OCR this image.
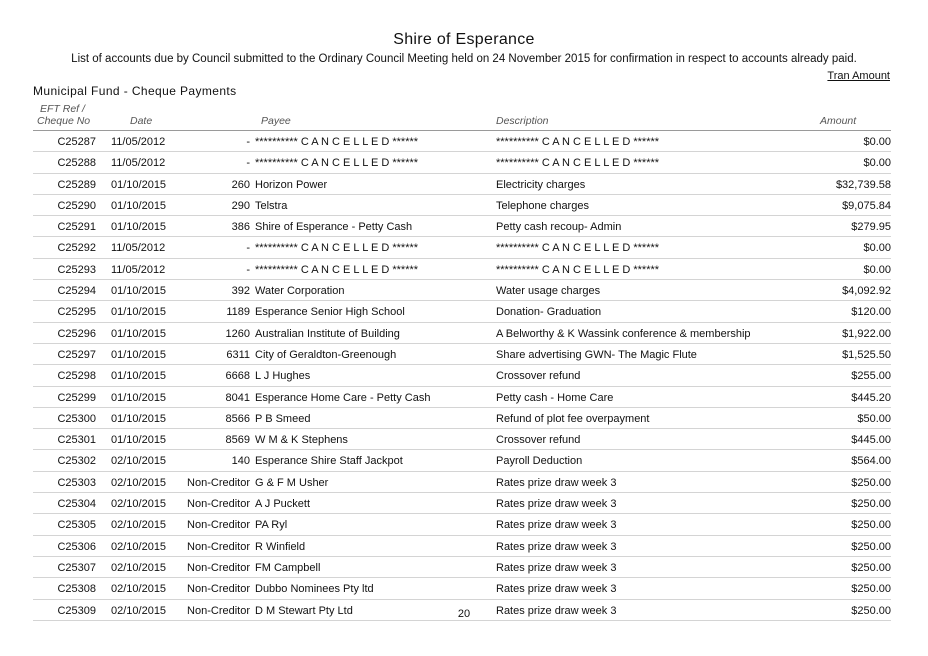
Shire of Esperance
List of accounts due by Council submitted to the Ordinary Council Meeting held on 24 November 2015 for confirmation in respect to accounts already paid.
Tran Amount
Municipal Fund - Cheque Payments
EFT Ref /
Cheque No	Date	Payee	Description	Amount
C25287 11/05/2012	- ********** C A N C E L L E D ******	********** C A N C E L L E D ******	$0.00
C25288 11/05/2012	- ********** C A N C E L L E D ******	********** C A N C E L L E D ******	$0.00
C25289 01/10/2015	260 Horizon Power	Electricity charges	$32,739.58
C25290 01/10/2015	290 Telstra	Telephone charges	$9,075.84
C25291 01/10/2015	386 Shire of Esperance - Petty Cash	Petty cash recoup- Admin	$279.95
C25292 11/05/2012	- ********** C A N C E L L E D ******	********** C A N C E L L E D ******	$0.00
C25293 11/05/2012	- ********** C A N C E L L E D ******	********** C A N C E L L E D ******	$0.00
C25294 01/10/2015	392 Water Corporation	Water usage charges	$4,092.92
C25295 01/10/2015	1189 Esperance Senior High School	Donation- Graduation	$120.00
C25296 01/10/2015	1260 Australian Institute of Building	A Belworthy & K Wassink conference & membership	$1,922.00
C25297 01/10/2015	6311 City of Geraldton-Greenough	Share advertising GWN- The Magic Flute	$1,525.50
C25298 01/10/2015	6668 L J Hughes	Crossover refund	$255.00
C25299 01/10/2015	8041 Esperance Home Care - Petty Cash	Petty cash - Home Care	$445.20
C25300 01/10/2015	8566 P B Smeed	Refund of plot fee overpayment	$50.00
C25301 01/10/2015	8569 W M & K Stephens	Crossover refund	$445.00
C25302 02/10/2015	140 Esperance Shire Staff Jackpot	Payroll Deduction	$564.00
C25303 02/10/2015	Non-Creditor G & F M Usher	Rates prize draw week 3	$250.00
C25304 02/10/2015	Non-Creditor A J Puckett	Rates prize draw week 3	$250.00
C25305 02/10/2015	Non-Creditor PA Ryl	Rates prize draw week 3	$250.00
C25306 02/10/2015	Non-Creditor R Winfield	Rates prize draw week 3	$250.00
C25307 02/10/2015	Non-Creditor FM Campbell	Rates prize draw week 3	$250.00
C25308 02/10/2015	Non-Creditor Dubbo Nominees Pty ltd	Rates prize draw week 3	$250.00
C25309 02/10/2015	Non-Creditor D M Stewart Pty Ltd	Rates prize draw week 3	$250.00
20
